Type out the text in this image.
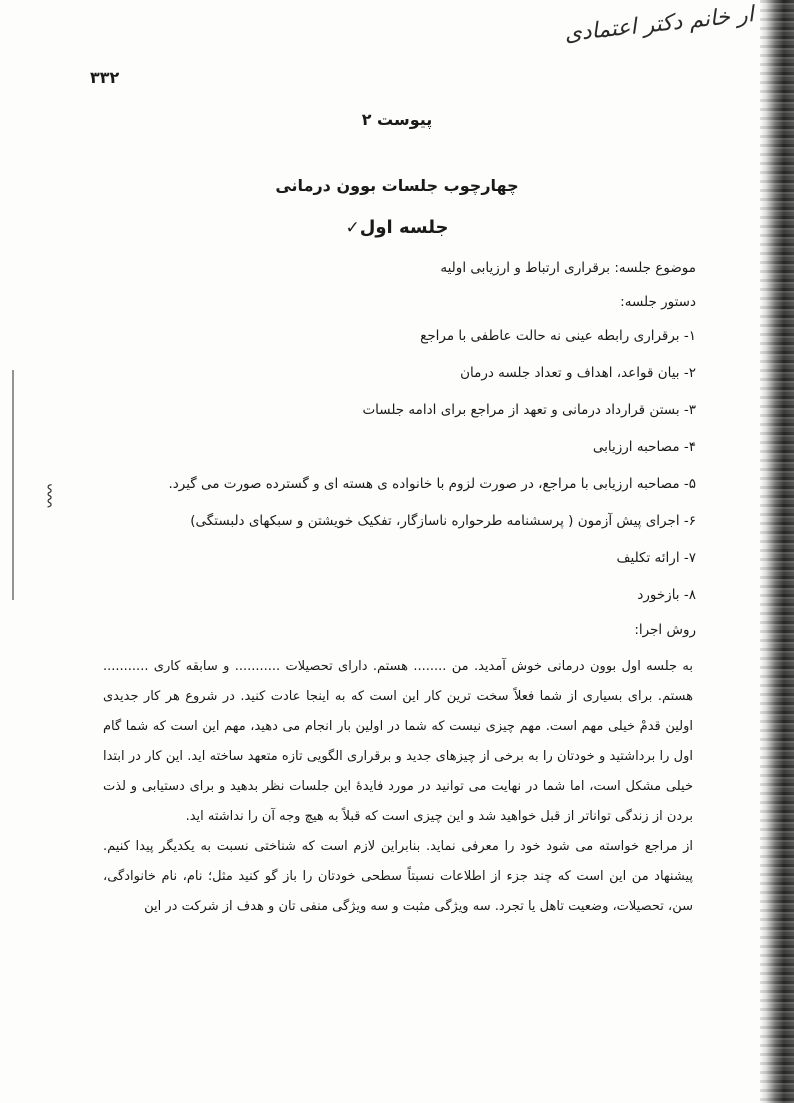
⸾
ار خانم دکتر اعتمادی
۳۳۲
پیوست ۲
چهارچوب جلسات بوون درمانی
جلسه اول✓
موضوع جلسه: برقراری ارتباط و ارزیابی اولیه
دستور جلسه:
۱- برقراری رابطه عینی نه حالت عاطفی با مراجع
۲- بیان قواعد، اهداف و تعداد جلسه درمان
۳- بستن قرارداد درمانی و تعهد از مراجع برای ادامه جلسات
۴- مصاحبه ارزیابی
۵- مصاحبه ارزیابی با مراجع، در صورت لزوم با خانواده ی هسته ای و گسترده صورت می گیرد.
۶- اجرای پیش آزمون ( پرسشنامه طرحواره ناسازگار، تفکیک خویشتن و سبکهای دلبستگی)
۷- ارائه تکلیف
۸- بازخورد
روش اجرا:

به جلسه اول بوون درمانی خوش آمدید. من ........ هستم. دارای تحصیلات ........... و سابقه کاری ........... هستم. برای بسیاری از شما فعلاً سخت ترین کار این است که به اینجا عادت کنید. در شروع هر کار جدیدی اولین قدمْ خیلی مهم است. مهم چیزی نیست که شما در اولین بار انجام می دهید، مهم این است که شما گام اول را برداشتید و خودتان را به برخی از چیزهای جدید و برقراری الگویی تازه متعهد ساخته اید. این کار در ابتدا خیلی مشکل است، اما شما در نهایت می توانید در مورد فایدهٔ این جلسات نظر بدهید و برای دستیابی و لذت بردن از زندگی تواناتر از قبل خواهید شد و این چیزی است که قبلاً به هیچ وجه آن را نداشته اید.

از مراجع خواسته می شود خود را معرفی نماید. بنابراین لازم است که شناختی نسبت به یکدیگر پیدا کنیم. پیشنهاد من این است که چند جزء از اطلاعات نسبتاً سطحی خودتان را باز گو کنید مثل؛ نام، نام خانوادگی، سن، تحصیلات، وضعیت تاهل یا تجرد. سه ویژگی مثبت و سه ویژگی منفی تان و هدف از شرکت در این
